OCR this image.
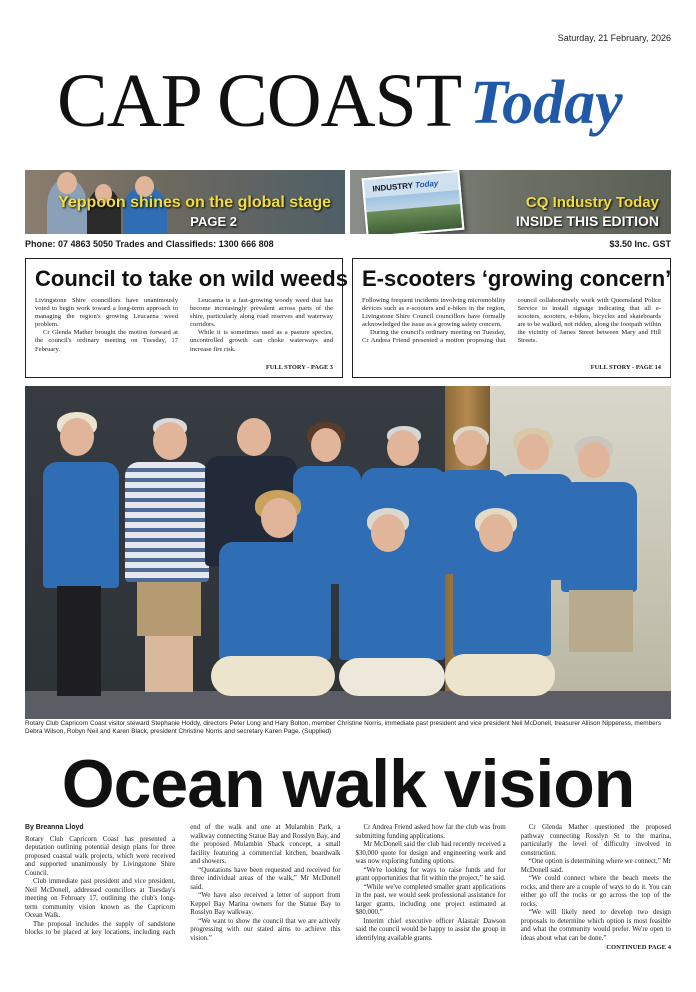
Saturday, 21 February, 2026
CAP COAST Today
Yeppoon shines on the global stage
PAGE 2
INDUSTRY Today
CQ Industry Today
INSIDE THIS EDITION
Phone: 07 4863 5050 Trades and Classifieds: 1300 666 808	$3.50 Inc. GST
Council to take on wild weeds

Livingstone Shire councillors have unanimously voted to begin work toward a long-term approach to managing the region's growing Leucaena weed problem.

Cr Glenda Mather brought the motion forward at the council's ordinary meeting on Tuesday, 17 February.

Leucaena is a fast-growing woody weed that has become increasingly prevalent across parts of the shire, particularly along road reserves and waterway corridors.

While it is sometimes used as a pasture species, uncontrolled growth can choke waterways and increase fire risk.

FULL STORY - PAGE 3
E-scooters ‘growing concern’

Following frequent incidents involving micromobility devices such as e-scooters and e-bikes in the region, Livingstone Shire Council councillors have formally acknowledged the issue as a growing safety concern.

During the council's ordinary meeting on Tuesday, Cr Andrea Friend presented a motion proposing that council collaboratively work with Queensland Police Service to install signage indicating that all e-scooters, scooters, e-bikes, bicycles and skateboards are to be walked, not ridden, along the footpath within the vicinity of James Street between Mary and Hill Streets.

FULL STORY - PAGE 14
Rotary Club Capricorn Coast visitor steward Stephanie Hoddy, directors Peter Long and Hary Bolton, member Christine Norris, immediate past president and vice president Neil McDonell, treasurer Allison Nipperess, members Debra Wilson, Robyn Neil and Karen Black, president Christine Norris and secretary Karen Page. (Supplied)
Ocean walk vision
By Breanna Lloyd

Rotary Club Capricorn Coast has presented a deputation outlining potential design plans for three proposed coastal walk projects, which were received and supported unanimously by Livingstone Shire Council.

Club immediate past president and vice president, Neil McDonell, addressed councillors at Tuesday's meeting on February 17, outlining the club's long-term community vision known as the Capricorn Ocean Walk.

The proposal includes the supply of sandstone blocks to be placed at key locations, including each end of the walk and one at Mulambin Park, a walkway connecting Statue Bay and Rosslyn Bay, and the proposed Mulambin Shack concept, a small facility featuring a commercial kitchen, boardwalk and showers.

“Quotations have been requested and received for three individual areas of the walk,” Mr McDonell said.

“We have also received a letter of support from Keppel Bay Marina owners for the Statue Bay to Rosslyn Bay walkway.

“We want to show the council that we are actively progressing with our stated aims to achieve this vision.”

Cr Andrea Friend asked how far the club was from submitting funding applications.

Mr McDonell said the club had recently received a $30,000 quote for design and engineering work and was now exploring funding options.

“We're looking for ways to raise funds and for grant opportunities that fit within the project,” he said.

“While we've completed smaller grant applications in the past, we would seek professional assistance for larger grants, including one project estimated at $80,000.”

Interim chief executive officer Alastair Dawson said the council would be happy to assist the group in identifying available grants.

Cr Glenda Mather questioned the proposed pathway connecting Rosslyn St to the marina, particularly the level of difficulty involved in construction.

“One option is determining where we connect,” Mr McDonell said.

“We could connect where the beach meets the rocks, and there are a couple of ways to do it. You can either go off the rocks or go across the top of the rocks.

“We will likely need to develop two design proposals to determine which option is most feasible and what the community would prefer. We're open to ideas about what can be done.”

CONTINUED PAGE 4
